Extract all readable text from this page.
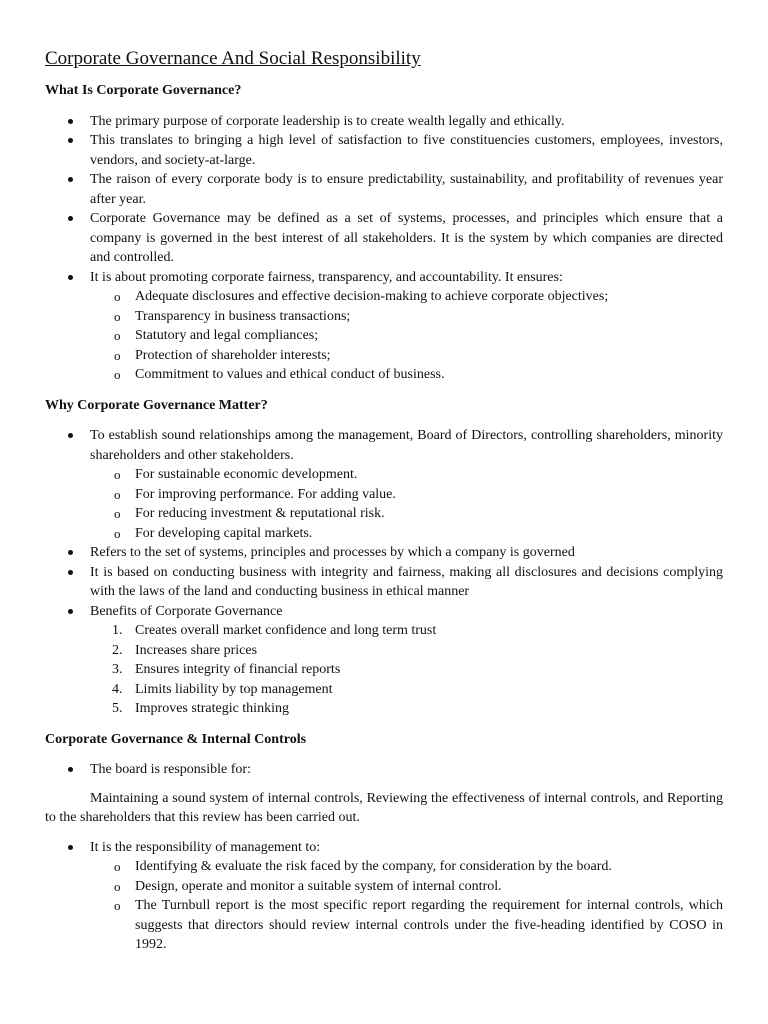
Corporate Governance And Social Responsibility

What Is Corporate Governance?

The primary purpose of corporate leadership is to create wealth legally and ethically.
This translates to bringing a high level of satisfaction to five constituencies customers, employees, investors, vendors, and society-at-large.
The raison of every corporate body is to ensure predictability, sustainability, and profitability of revenues year after year.
Corporate Governance may be defined as a set of systems, processes, and principles which ensure that a company is governed in the best interest of all stakeholders. It is the system by which companies are directed and controlled.
It is about promoting corporate fairness, transparency, and accountability. It ensures:
o Adequate disclosures and effective decision-making to achieve corporate objectives;
o Transparency in business transactions;
o Statutory and legal compliances;
o Protection of shareholder interests;
o Commitment to values and ethical conduct of business.

Why Corporate Governance Matter?

To establish sound relationships among the management, Board of Directors, controlling shareholders, minority shareholders and other stakeholders.
o For sustainable economic development.
o For improving performance. For adding value.
o For reducing investment & reputational risk.
o For developing capital markets.
Refers to the set of systems, principles and processes by which a company is governed
It is based on conducting business with integrity and fairness, making all disclosures and decisions complying with the laws of the land and conducting business in ethical manner
Benefits of Corporate Governance
1. Creates overall market confidence and long term trust
2. Increases share prices
3. Ensures integrity of financial reports
4. Limits liability by top management
5. Improves strategic thinking

Corporate Governance & Internal Controls

The board is responsible for:

Maintaining a sound system of internal controls, Reviewing the effectiveness of internal controls, and Reporting to the shareholders that this review has been carried out.

It is the responsibility of management to:
o Identifying & evaluate the risk faced by the company, for consideration by the board.
o Design, operate and monitor a suitable system of internal control.
o The Turnbull report is the most specific report regarding the requirement for internal controls, which suggests that directors should review internal controls under the five-heading identified by COSO in 1992.
